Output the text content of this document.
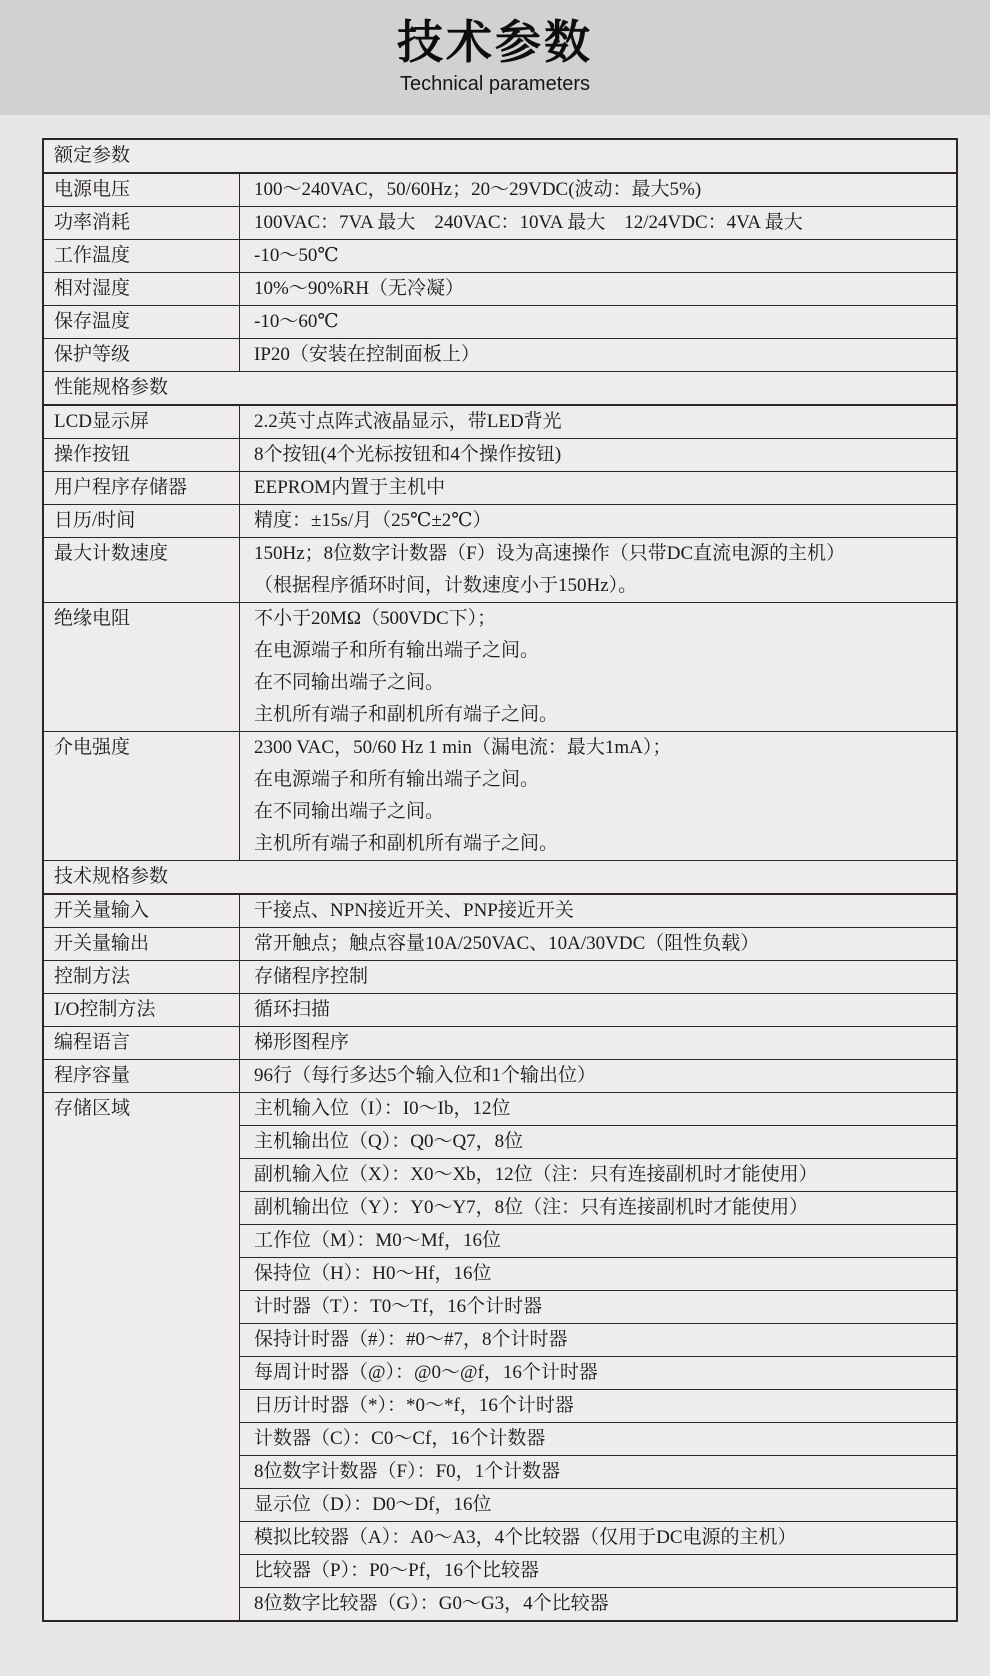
技术参数
Technical parameters
额定参数
电源电压	100～240VAC，50/60Hz；20～29VDC(波动：最大5%)
功率消耗	100VAC：7VA 最大　240VAC：10VA 最大　12/24VDC：4VA 最大
工作温度	-10～50℃
相对湿度	10%～90%RH（无冷凝）
保存温度	-10～60℃
保护等级	IP20（安装在控制面板上）
性能规格参数
LCD显示屏	2.2英寸点阵式液晶显示，带LED背光
操作按钮	8个按钮(4个光标按钮和4个操作按钮)
用户程序存储器	EEPROM内置于主机中
日历/时间	精度：±15s/月（25℃±2℃）
最大计数速度	150Hz；8位数字计数器（F）设为高速操作（只带DC直流电源的主机）
（根据程序循环时间，计数速度小于150Hz）。
绝缘电阻	不小于20MΩ（500VDC下）；
在电源端子和所有输出端子之间。
在不同输出端子之间。
主机所有端子和副机所有端子之间。
介电强度	2300 VAC，50/60 Hz 1 min（漏电流：最大1mA）；
在电源端子和所有输出端子之间。
在不同输出端子之间。
主机所有端子和副机所有端子之间。
技术规格参数
开关量输入	干接点、NPN接近开关、PNP接近开关
开关量输出	常开触点；触点容量10A/250VAC、10A/30VDC（阻性负载）
控制方法	存储程序控制
I/O控制方法	循环扫描
编程语言	梯形图程序
程序容量	96行（每行多达5个输入位和1个输出位）
存储区域	主机输入位（I）：I0～Ib，12位
主机输出位（Q）：Q0～Q7，8位
副机输入位（X）：X0～Xb，12位（注：只有连接副机时才能使用）
副机输出位（Y）：Y0～Y7，8位（注：只有连接副机时才能使用）
工作位（M）：M0～Mf，16位
保持位（H）：H0～Hf，16位
计时器（T）：T0～Tf，16个计时器
保持计时器（#）：#0～#7，8个计时器
每周计时器（@）：@0～@f，16个计时器
日历计时器（*）：*0～*f，16个计时器
计数器（C）：C0～Cf，16个计数器
8位数字计数器（F）：F0，1个计数器
显示位（D）：D0～Df，16位
模拟比较器（A）：A0～A3，4个比较器（仅用于DC电源的主机）
比较器（P）：P0～Pf，16个比较器
8位数字比较器（G）：G0～G3，4个比较器
